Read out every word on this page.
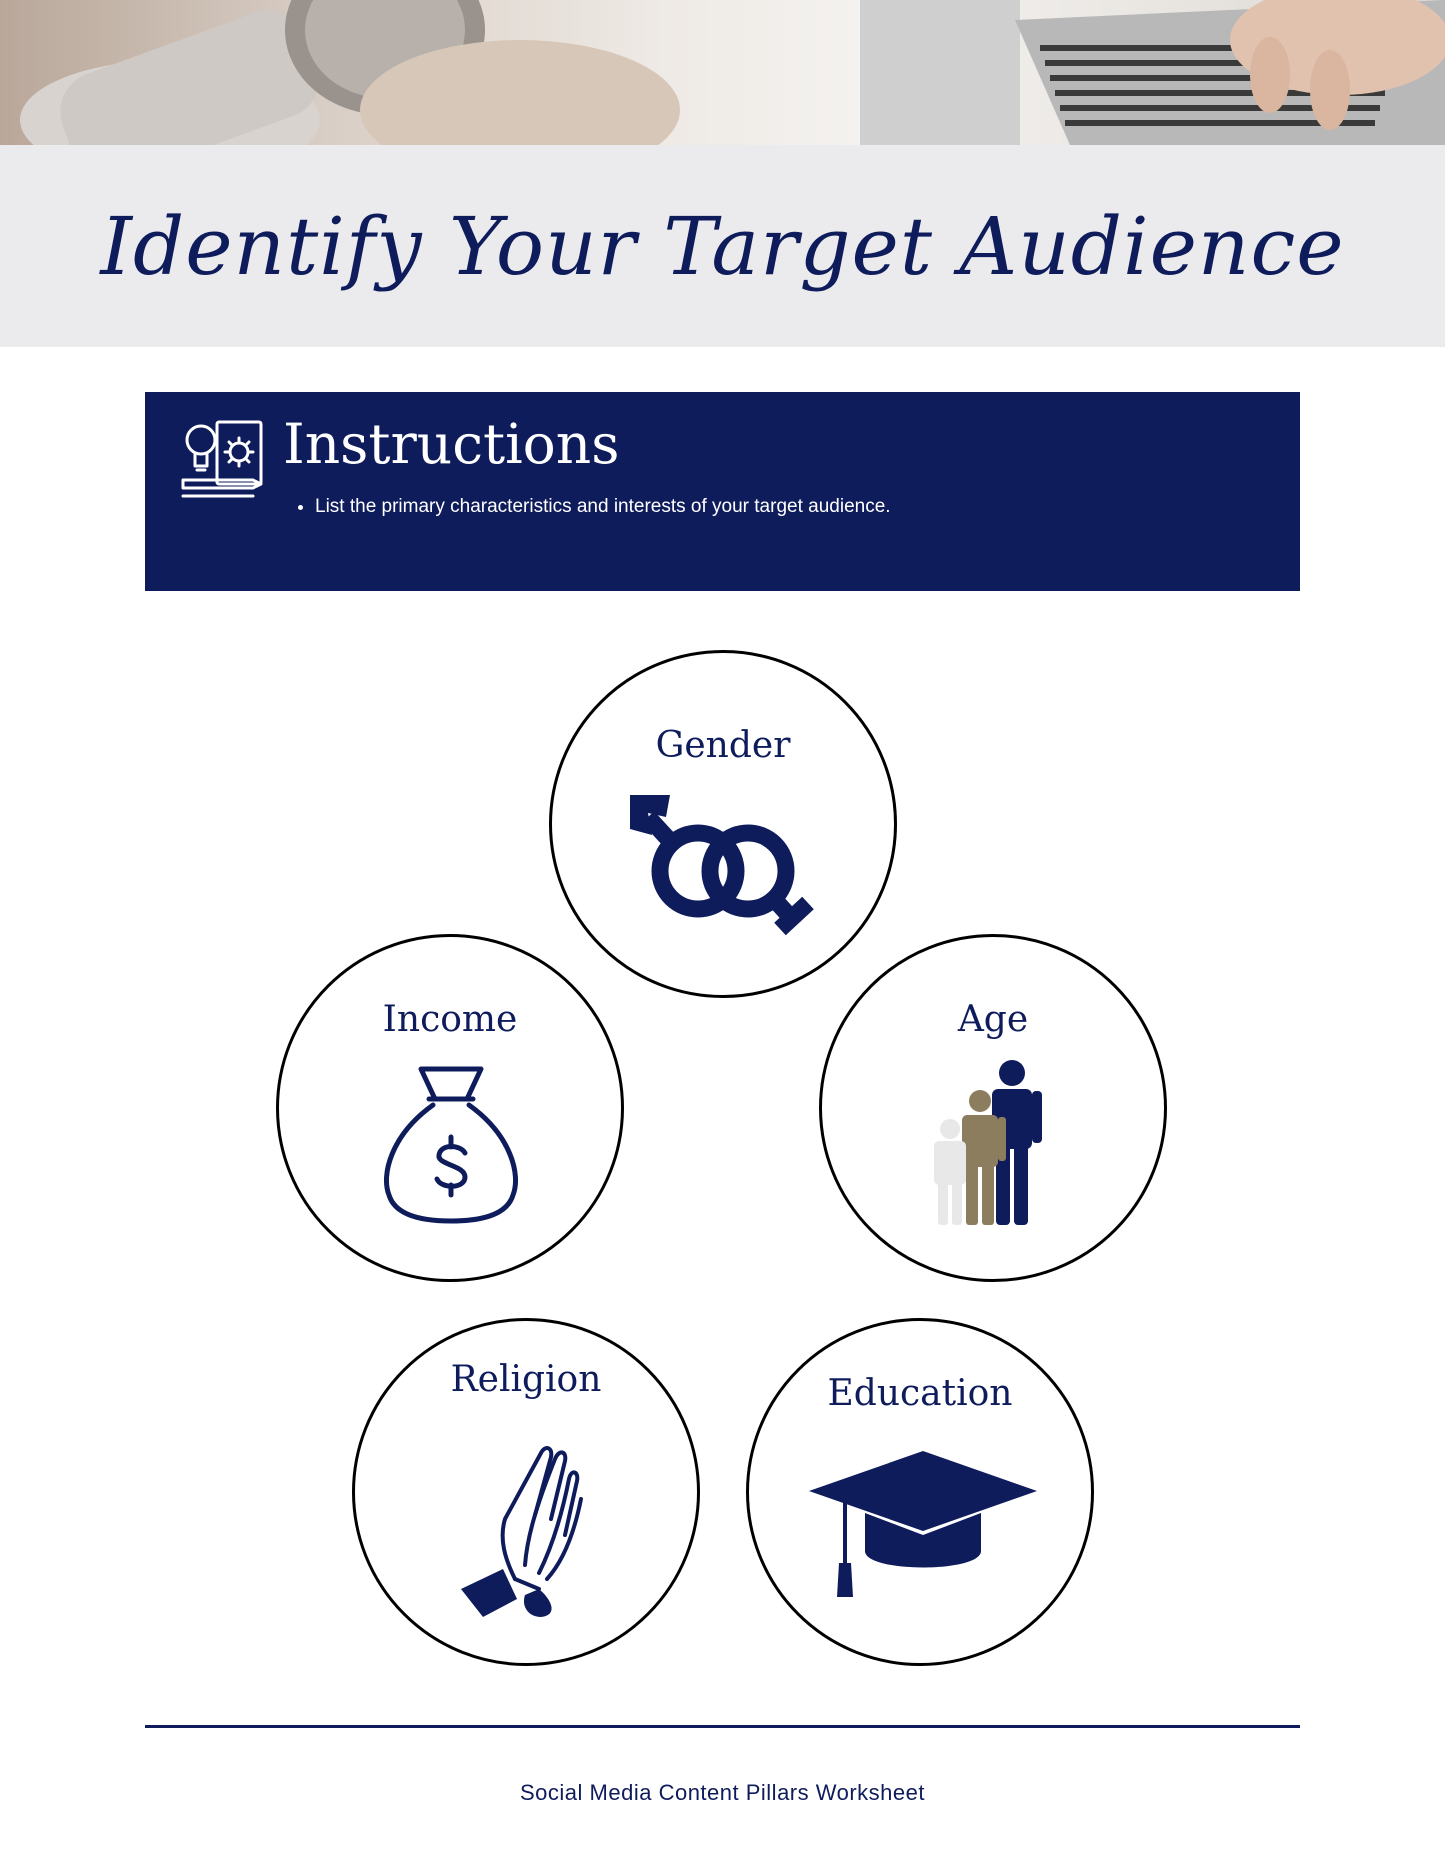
Identify Your Target Audience
Instructions
• List the primary characteristics and interests of your target audience.
Gender
Income	Age
Religion	Education
Social Media Content Pillars Worksheet
